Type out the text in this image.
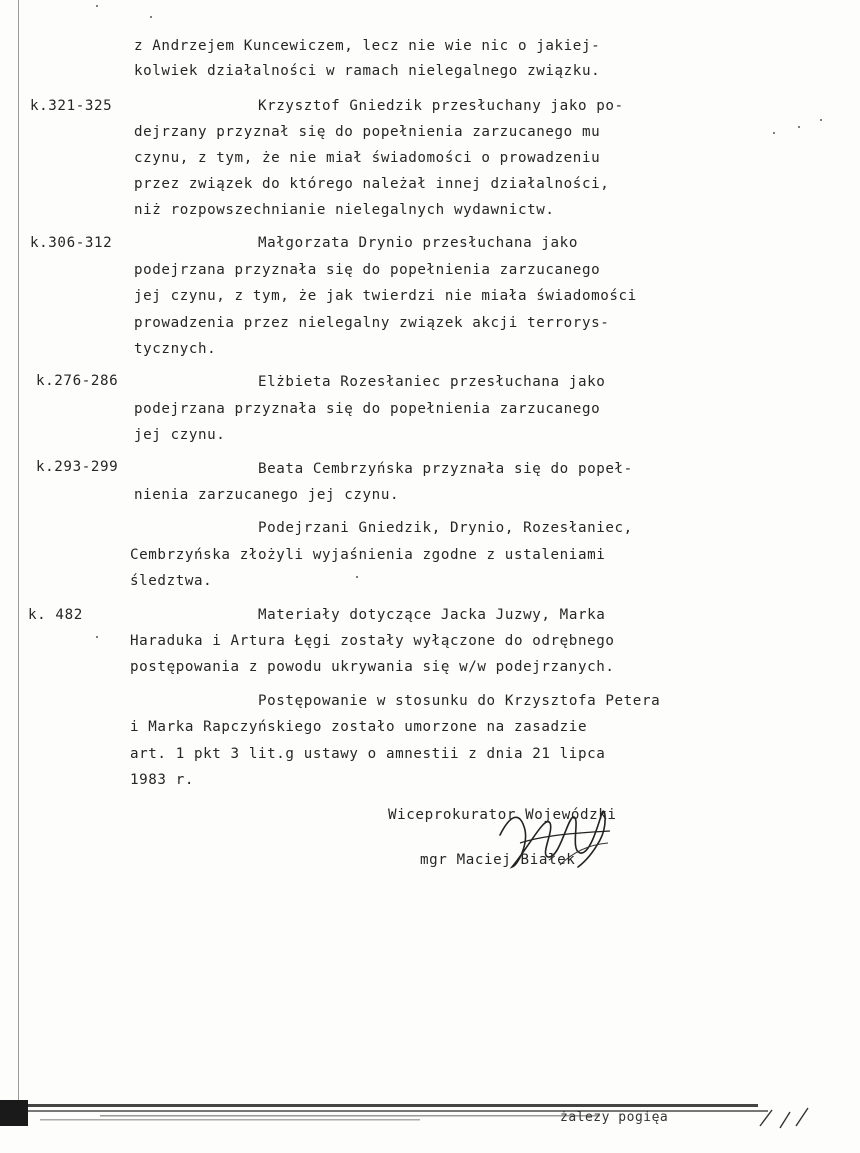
k.321-325
k.306-312
k.276-286
k.293-299
k. 482
z Andrzejem Kuncewiczem, lecz nie wie nic o jakiej-
kolwiek działalności w ramach nielegalnego związku.
Krzysztof Gniedzik przesłuchany jako po-
dejrzany przyznał się do popełnienia zarzucanego mu
czynu, z tym, że nie miał świadomości o prowadzeniu
przez związek do którego należał innej działalności,
niż rozpowszechnianie nielegalnych wydawnictw.
Małgorzata Drynio przesłuchana jako
podejrzana przyznała się do popełnienia zarzucanego
jej czynu, z tym, że jak twierdzi nie miała świadomości
prowadzenia przez nielegalny związek akcji terrorys-
tycznych.
Elżbieta Rozesłaniec przesłuchana jako
podejrzana przyznała się do popełnienia zarzucanego
jej czynu.
Beata Cembrzyńska przyznała się do popeł-
nienia zarzucanego jej czynu.
Podejrzani Gniedzik, Drynio, Rozesłaniec,
Cembrzyńska złożyli wyjaśnienia zgodne z ustaleniami
śledztwa.
Materiały dotyczące Jacka Juzwy, Marka
Haraduka i Artura Łęgi zostały wyłączone do odrębnego
postępowania z powodu ukrywania się w/w podejrzanych.
Postępowanie w stosunku do Krzysztofa Petera
i Marka Rapczyńskiego zostało umorzone na zasadzie
art. 1 pkt 3 lit.g ustawy o amnestii z dnia 21 lipca
1983 r.
Wiceprokurator Wojewódzki
mgr Maciej Białek
żalezy pogięa
